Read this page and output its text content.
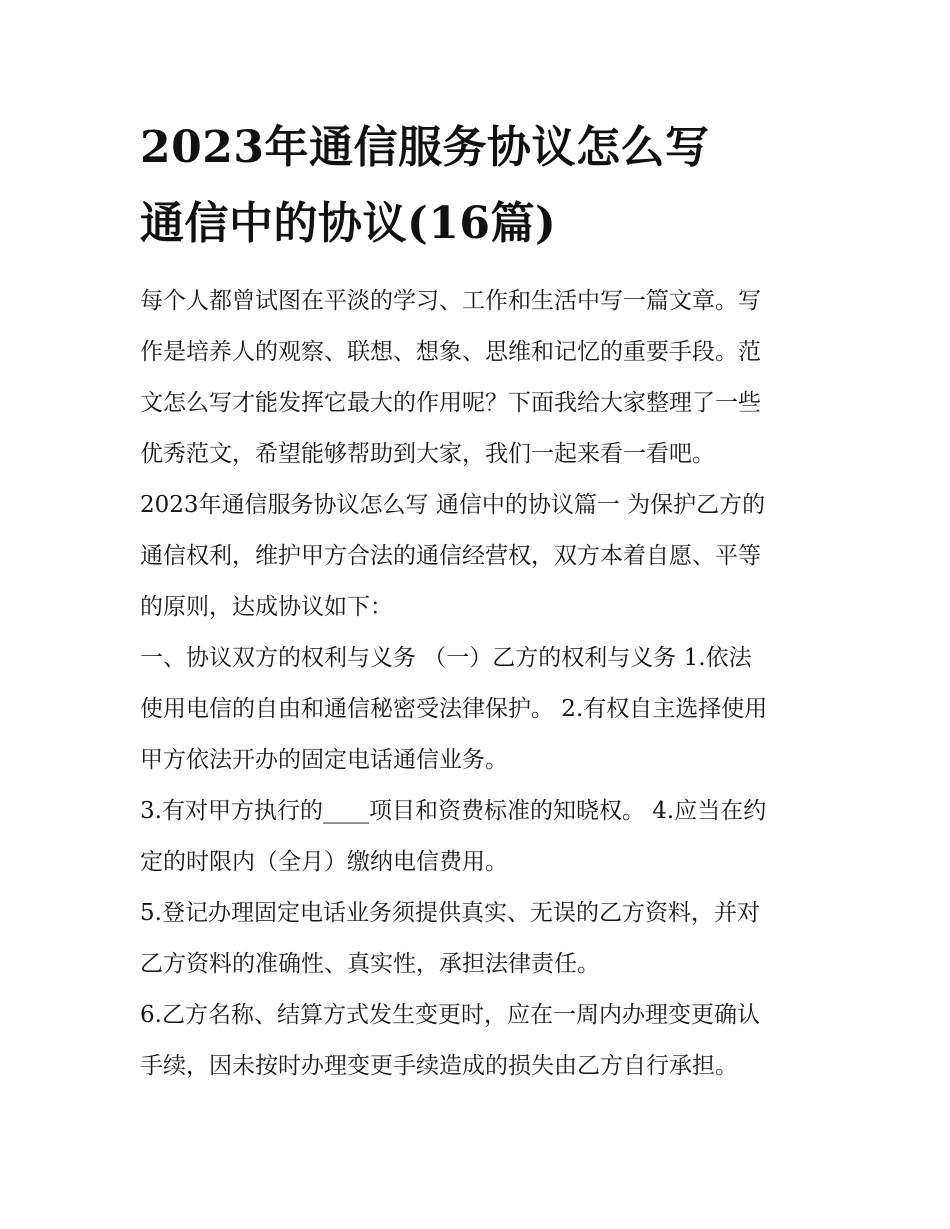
2023年通信服务协议怎么写
通信中的协议(16篇)

每个人都曾试图在平淡的学习、工作和生活中写一篇文章。写
作是培养人的观察、联想、想象、思维和记忆的重要手段。范
文怎么写才能发挥它最大的作用呢？下面我给大家整理了一些
优秀范文，希望能够帮助到大家，我们一起来看一看吧。

2023年通信服务协议怎么写 通信中的协议篇一 为保护乙方的
通信权利，维护甲方合法的通信经营权，双方本着自愿、平等
的原则，达成协议如下：

一、协议双方的权利与义务 （一）乙方的权利与义务 1.依法
使用电信的自由和通信秘密受法律保护。 2.有权自主选择使用
甲方依法开办的固定电话通信业务。

3.有对甲方执行的____项目和资费标准的知晓权。 4.应当在约
定的时限内（全月）缴纳电信费用。

5.登记办理固定电话业务须提供真实、无误的乙方资料，并对
乙方资料的准确性、真实性，承担法律责任。

6.乙方名称、结算方式发生变更时，应在一周内办理变更确认
手续，因未按时办理变更手续造成的损失由乙方自行承担。
